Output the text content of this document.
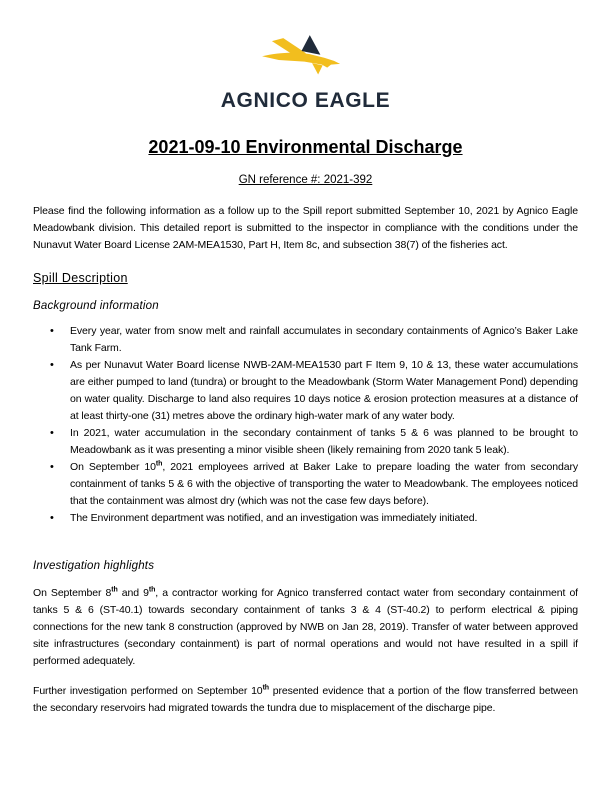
AGNICO EAGLE
2021-09-10 Environmental Discharge
GN reference #: 2021-392

Please find the following information as a follow up to the Spill report submitted September 10, 2021 by Agnico Eagle Meadowbank division. This detailed report is submitted to the inspector in compliance with the conditions under the Nunavut Water Board License 2AM-MEA1530, Part H, Item 8c, and subsection 38(7) of the fisheries act.

Spill Description
Background information
• Every year, water from snow melt and rainfall accumulates in secondary containments of Agnico’s Baker Lake Tank Farm.
• As per Nunavut Water Board license NWB-2AM-MEA1530 part F Item 9, 10 & 13, these water accumulations are either pumped to land (tundra) or brought to the Meadowbank (Storm Water Management Pond) depending on water quality. Discharge to land also requires 10 days notice & erosion protection measures at a distance of at least thirty-one (31) metres above the ordinary high-water mark of any water body.
• In 2021, water accumulation in the secondary containment of tanks 5 & 6 was planned to be brought to Meadowbank as it was presenting a minor visible sheen (likely remaining from 2020 tank 5 leak).
• On September 10th, 2021 employees arrived at Baker Lake to prepare loading the water from secondary containment of tanks 5 & 6 with the objective of transporting the water to Meadowbank. The employees noticed that the containment was almost dry (which was not the case few days before).
• The Environment department was notified, and an investigation was immediately initiated.
Investigation highlights

On September 8th and 9th, a contractor working for Agnico transferred contact water from secondary containment of tanks 5 & 6 (ST-40.1) towards secondary containment of tanks 3 & 4 (ST-40.2) to perform electrical & piping connections for the new tank 8 construction (approved by NWB on Jan 28, 2019). Transfer of water between approved site infrastructures (secondary containment) is part of normal operations and would not have resulted in a spill if performed adequately.

Further investigation performed on September 10th presented evidence that a portion of the flow transferred between the secondary reservoirs had migrated towards the tundra due to misplacement of the discharge pipe.
